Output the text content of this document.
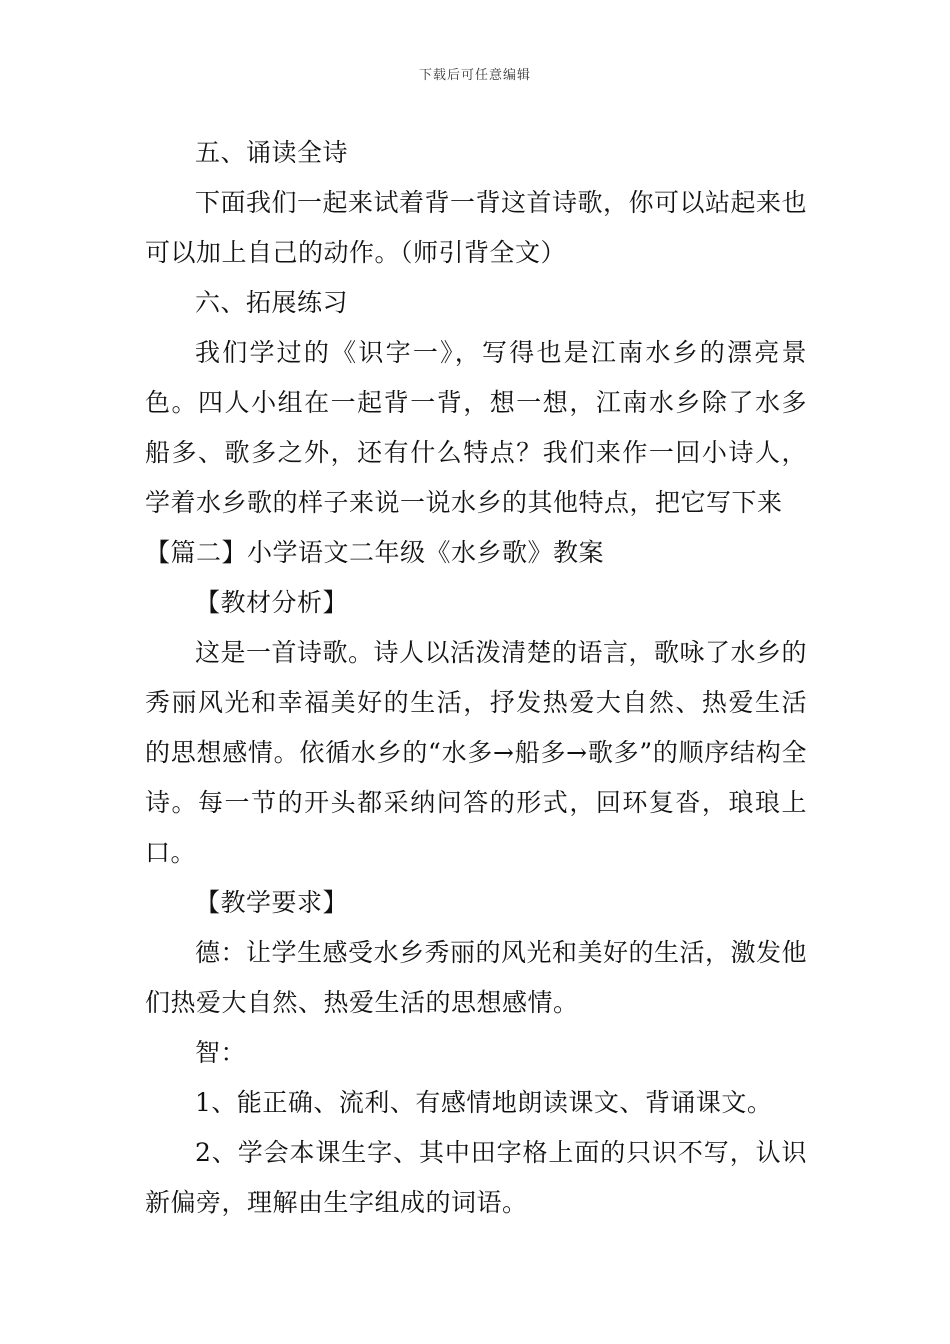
下载后可任意编辑

五、诵读全诗

下面我们一起来试着背一背这首诗歌，你可以站起来也可以加上自己的动作。（师引背全文）

六、拓展练习

我们学过的《识字一》，写得也是江南水乡的漂亮景色。四人小组在一起背一背，想一想，江南水乡除了水多船多、歌多之外，还有什么特点？我们来作一回小诗人，学着水乡歌的样子来说一说水乡的其他特点，把它写下来

【篇二】小学语文二年级《水乡歌》教案

【教材分析】

这是一首诗歌。诗人以活泼清楚的语言，歌咏了水乡的秀丽风光和幸福美好的生活，抒发热爱大自然、热爱生活的思想感情。依循水乡的“水多→船多→歌多”的顺序结构全诗。每一节的开头都采纳问答的形式，回环复沓，琅琅上口。

【教学要求】

德：让学生感受水乡秀丽的风光和美好的生活，激发他们热爱大自然、热爱生活的思想感情。

智：

1、能正确、流利、有感情地朗读课文、背诵课文。

2、学会本课生字、其中田字格上面的只识不写，认识新偏旁，理解由生字组成的词语。
